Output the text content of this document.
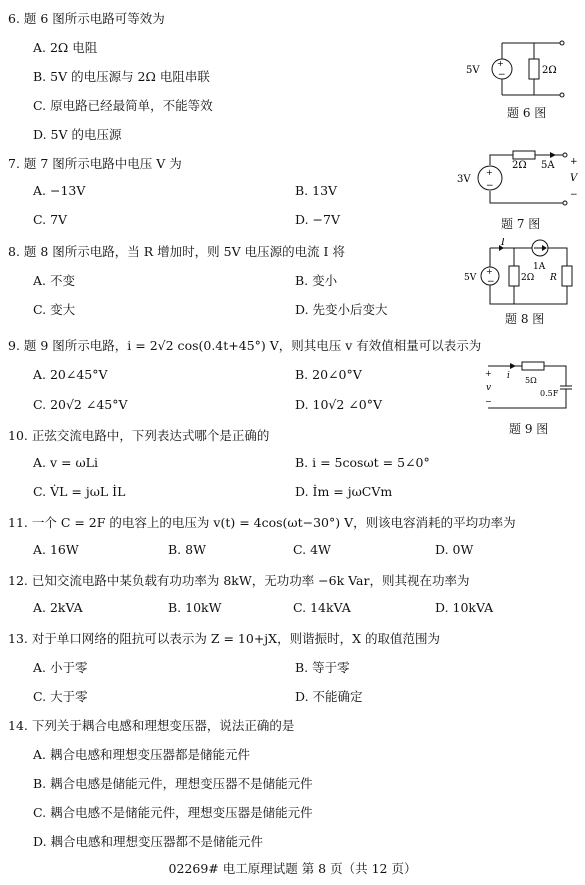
6. 题 6 图所示电路可等效为
A. 2Ω 电阻
B. 5V 的电压源与 2Ω 电阻串联
C. 原电路已经最简单，不能等效
D. 5V 的电压源
+
−
5V	2Ω
题 6 图
7. 题 7 图所示电路中电压 V 为
A. −13V	B. 13V
C. 7V	D. −7V
+
−
3V
2Ω 5A +
V
−
题 7 图
8. 题 8 图所示电路，当 R 增加时，则 5V 电压源的电流 I 将
A. 不变	B. 变小
C. 变大	D. 先变小后变大
+
−
I
5V	2Ω
1A
R
题 8 图
9. 题 9 图所示电路，i = 2√2 cos(0.4t+45°) V，则其电压 v 有效值相量可以表示为
A. 20∠45°V	B. 20∠0°V
C. 20√2 ∠45°V	D. 10√2 ∠0°V
i 5Ω
0.5F
+
v
−
题 9 图
10. 正弦交流电路中，下列表达式哪个是正确的
A. v = ωLi	B. i = 5cosωt = 5∠0°
C. V̇L = jωL İL	D. İm = jωCVm
11. 一个 C = 2F 的电容上的电压为 v(t) = 4cos(ωt−30°) V，则该电容消耗的平均功率为
A. 16W	B. 8W	C. 4W	D. 0W
12. 已知交流电路中某负载有功功率为 8kW，无功功率 −6k Var，则其视在功率为
A. 2kVA	B. 10kW	C. 14kVA	D. 10kVA
13. 对于单口网络的阻抗可以表示为 Z = 10+jX，则谐振时，X 的取值范围为
A. 小于零	B. 等于零
C. 大于零	D. 不能确定
14. 下列关于耦合电感和理想变压器，说法正确的是
A. 耦合电感和理想变压器都是储能元件
B. 耦合电感是储能元件，理想变压器不是储能元件
C. 耦合电感不是储能元件，理想变压器是储能元件
D. 耦合电感和理想变压器都不是储能元件
02269# 电工原理试题 第 8 页（共 12 页）
